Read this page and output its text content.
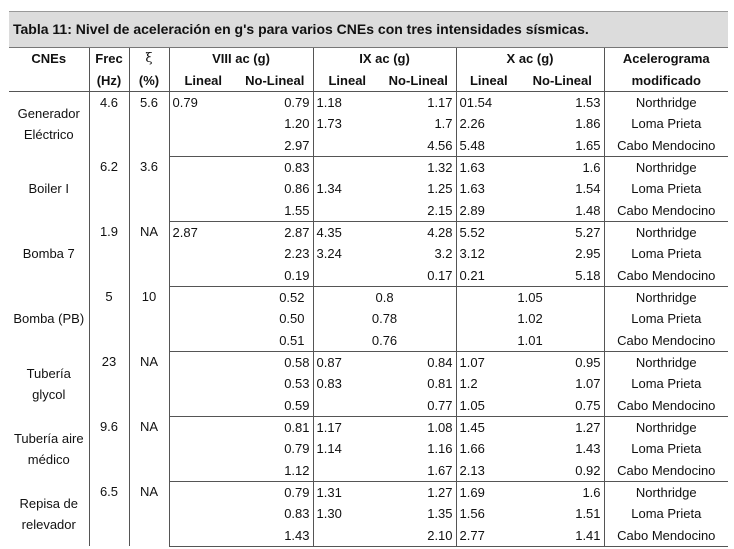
Tabla 11: Nivel de aceleración en g's para varios CNEs con tres intensidades sísmicas.
CNEs	Frec	ξ	VIII ac (g)		IX ac (g)		X ac (g)		Acelerograma
	(Hz)	(%)	Lineal	No-Lineal	Lineal	No-Lineal	Lineal	No-Lineal	modificado
Generador Eléctrico	4.6	5.6	0.79	0.79	1.18	1.17	01.54	1.53	Northridge
				1.20	1.73	1.7	2.26	1.86	Loma Prieta
				2.97		4.56	5.48	1.65	Cabo Mendocino
Boiler I	6.2	3.6		0.83		1.32	1.63	1.6	Northridge
				0.86	1.34	1.25	1.63	1.54	Loma Prieta
				1.55		2.15	2.89	1.48	Cabo Mendocino
Bomba 7	1.9	NA	2.87	2.87	4.35	4.28	5.52	5.27	Northridge
				2.23	3.24	3.2	3.12	2.95	Loma Prieta
				0.19		0.17	0.21	5.18	Cabo Mendocino
Bomba (PB)	5	10	0.52		0.8		1.05		Northridge
			0.50		0.78		1.02		Loma Prieta
			0.51		0.76		1.01		Cabo Mendocino
Tubería glycol	23	NA		0.58	0.87	0.84	1.07	0.95	Northridge
				0.53	0.83	0.81	1.2	1.07	Loma Prieta
				0.59		0.77	1.05	0.75	Cabo Mendocino
Tubería aire médico	9.6	NA		0.81	1.17	1.08	1.45	1.27	Northridge
				0.79	1.14	1.16	1.66	1.43	Loma Prieta
				1.12		1.67	2.13	0.92	Cabo Mendocino
Repisa de relevador	6.5	NA		0.79	1.31	1.27	1.69	1.6	Northridge
				0.83	1.30	1.35	1.56	1.51	Loma Prieta
				1.43		2.10	2.77	1.41	Cabo Mendocino
